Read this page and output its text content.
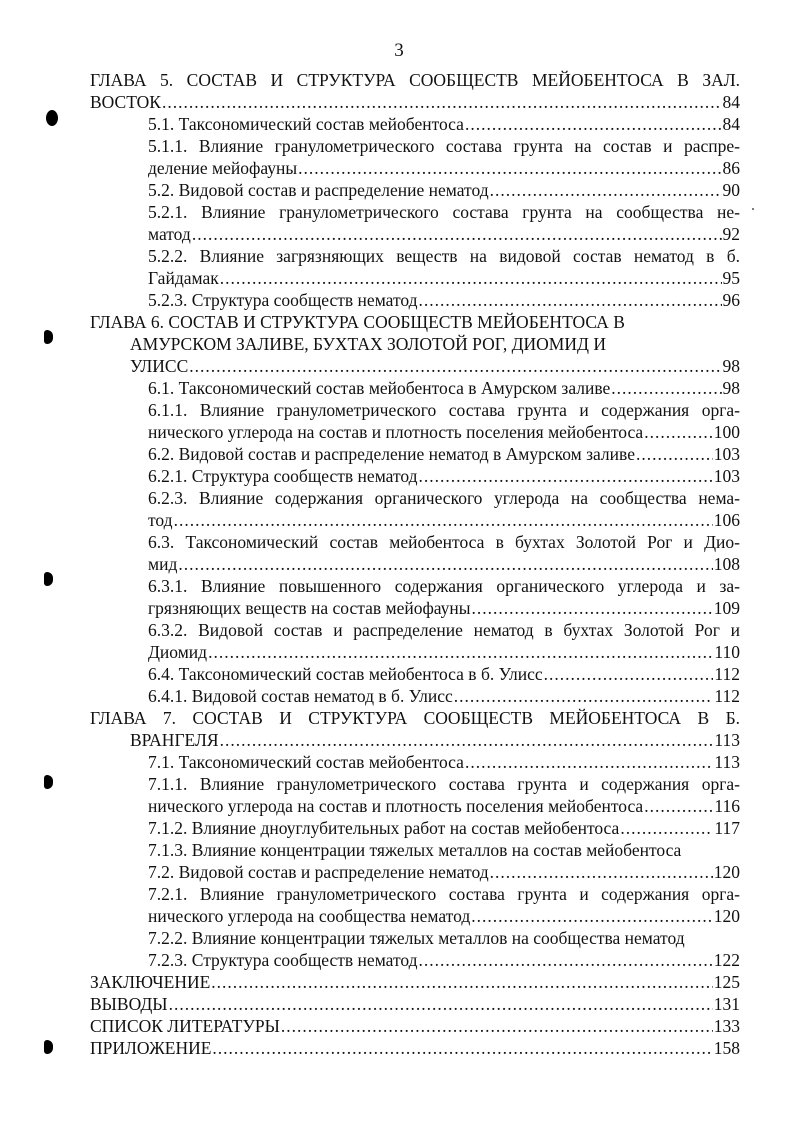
3
ГЛАВА 5. СОСТАВ И СТРУКТУРА СООБЩЕСТВ МЕЙОБЕНТОСА В ЗАЛ.
ВОСТОК .....	84
5.1. Таксономический состав мейобентоса .....	84
5.1.1. Влияние гранулометрического состава грунта на состав и распре-
деление мейофауны .....	86
5.2. Видовой состав и распределение нематод .....	90
5.2.1. Влияние гранулометрического состава грунта на сообщества не-
матод .....	92
5.2.2. Влияние загрязняющих веществ на видовой состав нематод в б.
Гайдамак .....	95
5.2.3. Структура сообществ нематод .....	96
ГЛАВА 6. СОСТАВ И СТРУКТУРА СООБЩЕСТВ МЕЙОБЕНТОСА В
АМУРСКОМ ЗАЛИВЕ, БУХТАХ ЗОЛОТОЙ РОГ, ДИОМИД И
УЛИСС .....	98
6.1. Таксономический состав мейобентоса в Амурском заливе .....	98
6.1.1. Влияние гранулометрического состава грунта и содержания орга-
нического углерода на состав и плотность поселения мейобентоса .....	100
6.2. Видовой состав и распределение нематод в Амурском заливе .....	103
6.2.1. Структура сообществ нематод .....	103
6.2.3. Влияние содержания органического углерода на сообщества нема-
тод .....	106
6.3. Таксономический состав мейобентоса в бухтах Золотой Рог и Дио-
мид .....	108
6.3.1. Влияние повышенного содержания органического углерода и за-
грязняющих веществ на состав мейофауны .....	109
6.3.2. Видовой состав и распределение нематод в бухтах Золотой Рог и
Диомид .....	110
6.4. Таксономический состав мейобентоса в б. Улисс .....	112
6.4.1. Видовой состав нематод в б. Улисс .....	112
ГЛАВА 7. СОСТАВ И СТРУКТУРА СООБЩЕСТВ МЕЙОБЕНТОСА В Б.
ВРАНГЕЛЯ .....	113
7.1. Таксономический состав мейобентоса .....	113
7.1.1. Влияние гранулометрического состава грунта и содержания орга-
нического углерода на состав и плотность поселения мейобентоса .....	116
7.1.2. Влияние дноуглубительных работ на состав мейобентоса .....	117
7.1.3. Влияние концентрации тяжелых металлов на состав мейобентоса
7.2. Видовой состав и распределение нематод .....	120
7.2.1. Влияние гранулометрического состава грунта и содержания орга-
нического углерода на сообщества нематод .....	120
7.2.2. Влияние концентрации тяжелых металлов на сообщества нематод
7.2.3. Структура сообществ нематод .....	122
ЗАКЛЮЧЕНИЕ .....	125
ВЫВОДЫ .....	131
СПИСОК ЛИТЕРАТУРЫ .....	133
ПРИЛОЖЕНИЕ .....	158
